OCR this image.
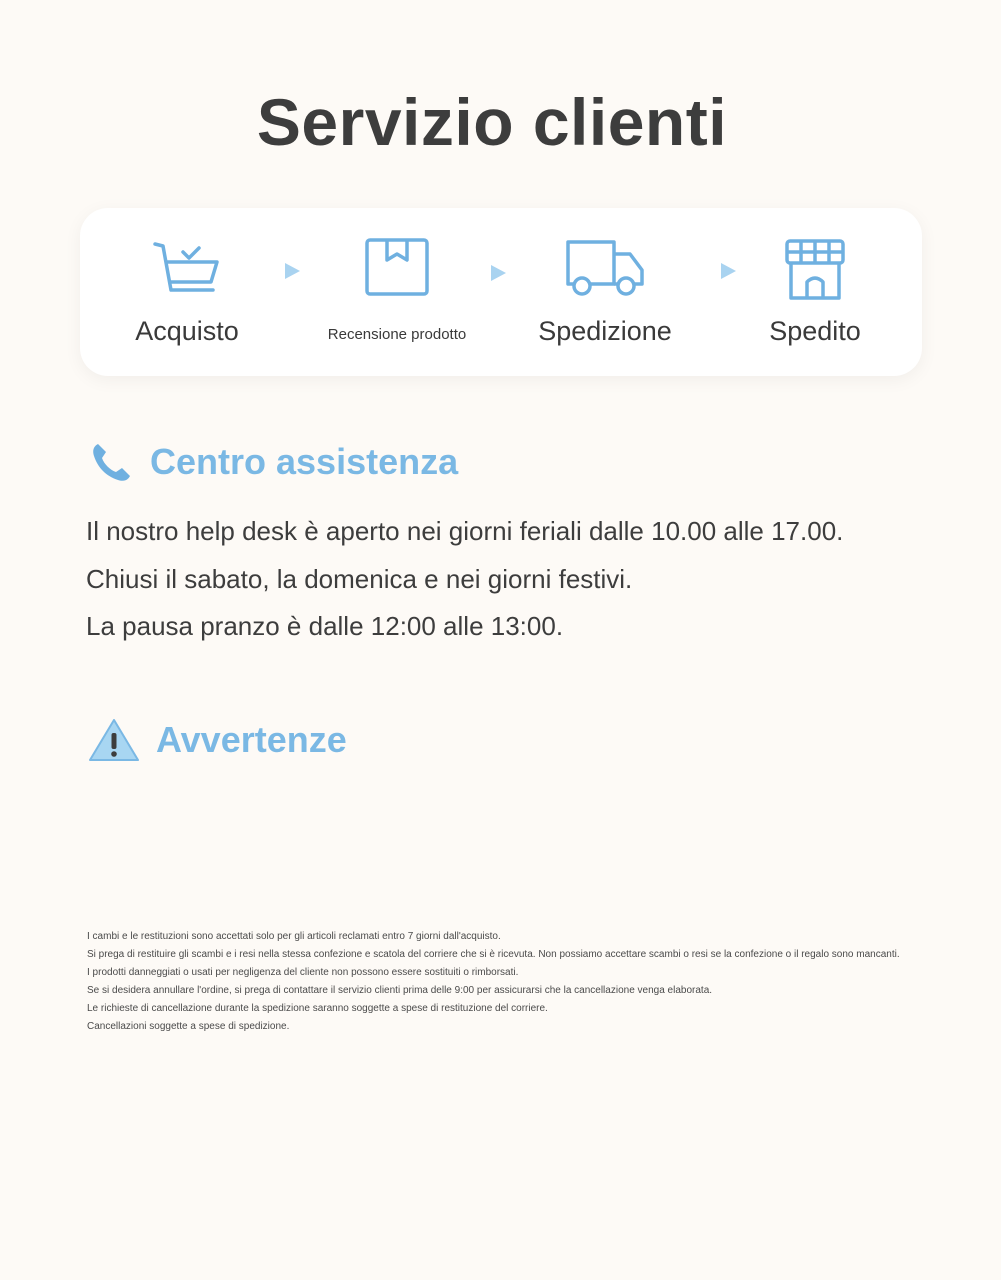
Servizio clienti
Acquisto	Recensione prodotto	Spedizione	Spedito
Centro assistenza
Il nostro help desk è aperto nei giorni feriali dalle 10.00 alle 17.00.
Chiusi il sabato, la domenica e nei giorni festivi.
La pausa pranzo è dalle 12:00 alle 13:00.
Avvertenze
I cambi e le restituzioni sono accettati solo per gli articoli reclamati entro 7 giorni dall'acquisto.
Si prega di restituire gli scambi e i resi nella stessa confezione e scatola del corriere che si è ricevuta. Non possiamo accettare scambi o resi se la confezione o il regalo sono mancanti.
I prodotti danneggiati o usati per negligenza del cliente non possono essere sostituiti o rimborsati.
Se si desidera annullare l'ordine, si prega di contattare il servizio clienti prima delle 9:00 per assicurarsi che la cancellazione venga elaborata.
Le richieste di cancellazione durante la spedizione saranno soggette a spese di restituzione del corriere.
Cancellazioni soggette a spese di spedizione.
